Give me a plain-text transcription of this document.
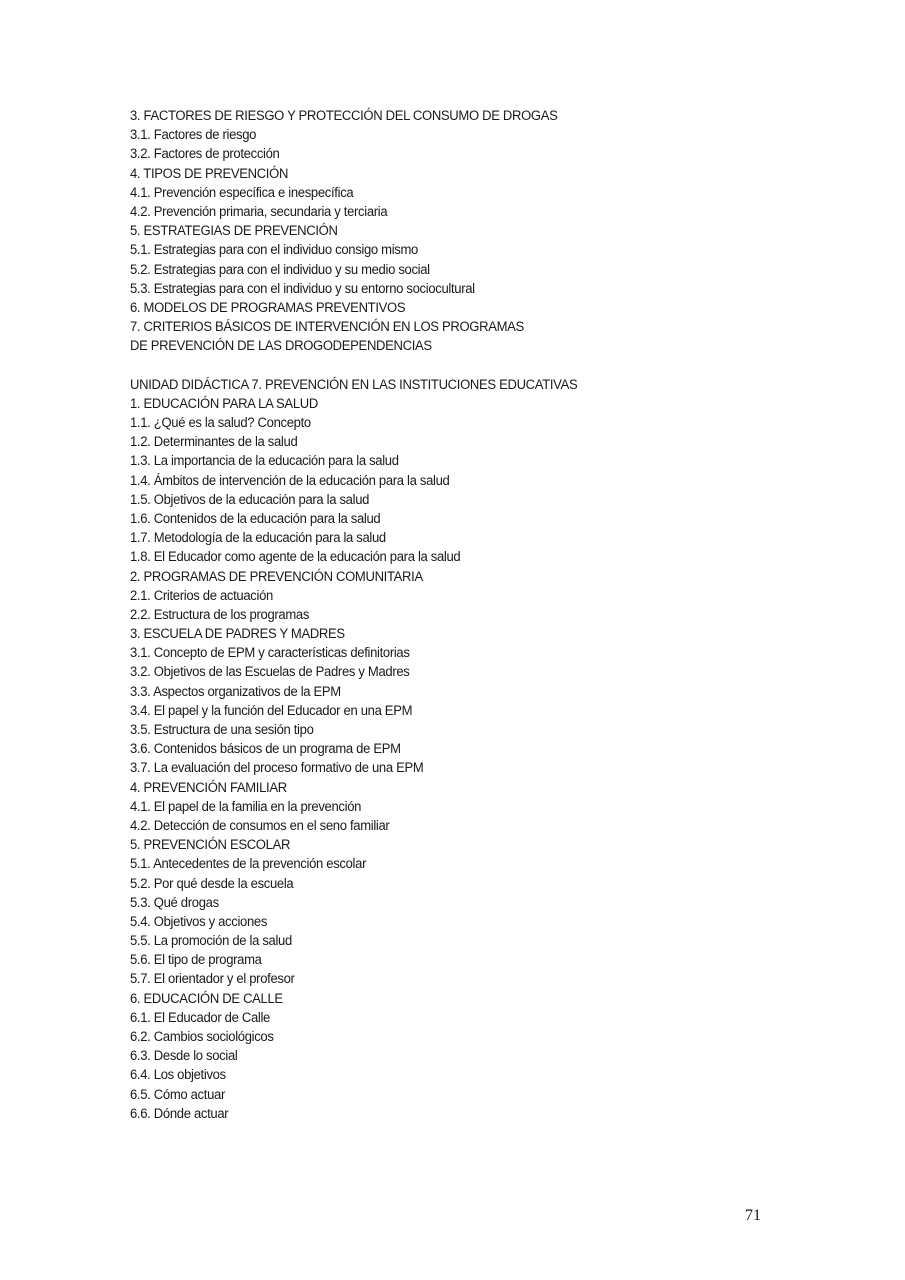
3. FACTORES DE RIESGO Y PROTECCIÓN DEL CONSUMO DE DROGAS
3.1. Factores de riesgo
3.2. Factores de protección
4. TIPOS DE PREVENCIÓN
4.1. Prevención específica e inespecífica
4.2. Prevención primaria, secundaria y terciaria
5. ESTRATEGIAS DE PREVENCIÓN
5.1. Estrategias para con el individuo consigo mismo
5.2. Estrategias para con el individuo y su medio social
5.3. Estrategias para con el individuo y su entorno sociocultural
6. MODELOS DE PROGRAMAS PREVENTIVOS
7. CRITERIOS BÁSICOS DE INTERVENCIÓN EN LOS PROGRAMAS
DE PREVENCIÓN DE LAS DROGODEPENDENCIAS
UNIDAD DIDÁCTICA 7. PREVENCIÓN EN LAS INSTITUCIONES EDUCATIVAS
1. EDUCACIÓN PARA LA SALUD
1.1. ¿Qué es la salud? Concepto
1.2. Determinantes de la salud
1.3. La importancia de la educación para la salud
1.4. Ámbitos de intervención de la educación para la salud
1.5. Objetivos de la educación para la salud
1.6. Contenidos de la educación para la salud
1.7. Metodología de la educación para la salud
1.8. El Educador como agente de la educación para la salud
2. PROGRAMAS DE PREVENCIÓN COMUNITARIA
2.1. Criterios de actuación
2.2. Estructura de los programas
3. ESCUELA DE PADRES Y MADRES
3.1. Concepto de EPM y características definitorias
3.2. Objetivos de las Escuelas de Padres y Madres
3.3. Aspectos organizativos de la EPM
3.4. El papel y la función del Educador en una EPM
3.5. Estructura de una sesión tipo
3.6. Contenidos básicos de un programa de EPM
3.7. La evaluación del proceso formativo de una EPM
4. PREVENCIÓN FAMILIAR
4.1. El papel de la familia en la prevención
4.2. Detección de consumos en el seno familiar
5. PREVENCIÓN ESCOLAR
5.1. Antecedentes de la prevención escolar
5.2. Por qué desde la escuela
5.3. Qué drogas
5.4. Objetivos y acciones
5.5. La promoción de la salud
5.6. El tipo de programa
5.7. El orientador y el profesor
6. EDUCACIÓN DE CALLE
6.1. El Educador de Calle
6.2. Cambios sociológicos
6.3. Desde lo social
6.4. Los objetivos
6.5. Cómo actuar
6.6. Dónde actuar
71
